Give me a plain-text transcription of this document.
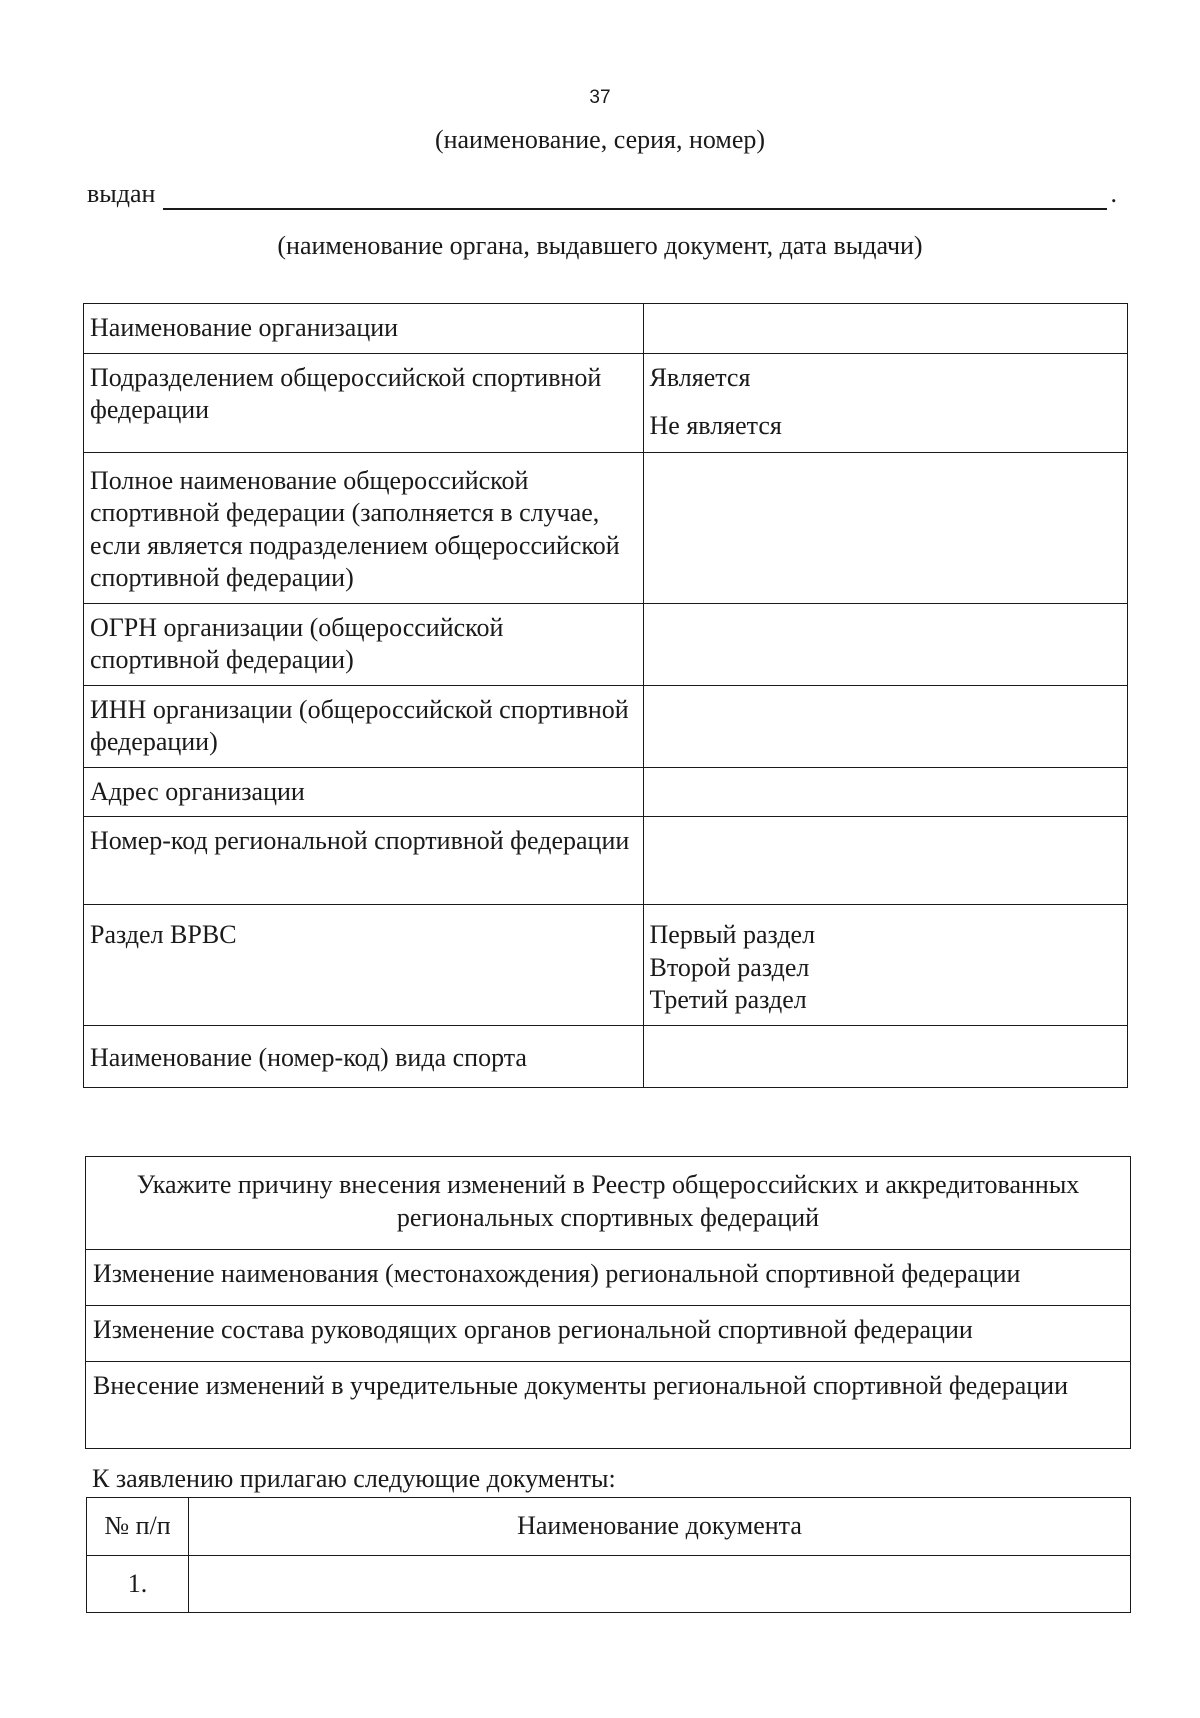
37
(наименование, серия, номер)
выдан	.
(наименование органа, выдавшего документ, дата выдачи)
Наименование организации	
Подразделением общероссийской спортивной федерации	Является
Не является

Полное наименование общероссийской спортивной федерации (заполняется в случае, если является подразделением общероссийской спортивной федерации)	
ОГРН организации (общероссийской спортивной федерации)	
ИНН организации (общероссийской спортивной федерации)	
Адрес организации	
Номер-код региональной спортивной федерации	
Раздел ВРВС	Первый раздел
Второй раздел
Третий раздел

Наименование (номер-код) вида спорта	
Укажите причину внесения изменений в Реестр общероссийских и аккредитованных региональных спортивных федераций
Изменение наименования (местонахождения) региональной спортивной федерации
Изменение состава руководящих органов региональной спортивной федерации
Внесение изменений в учредительные документы региональной спортивной федерации
К заявлению прилагаю следующие документы:
№ п/п	Наименование документа
1.	
